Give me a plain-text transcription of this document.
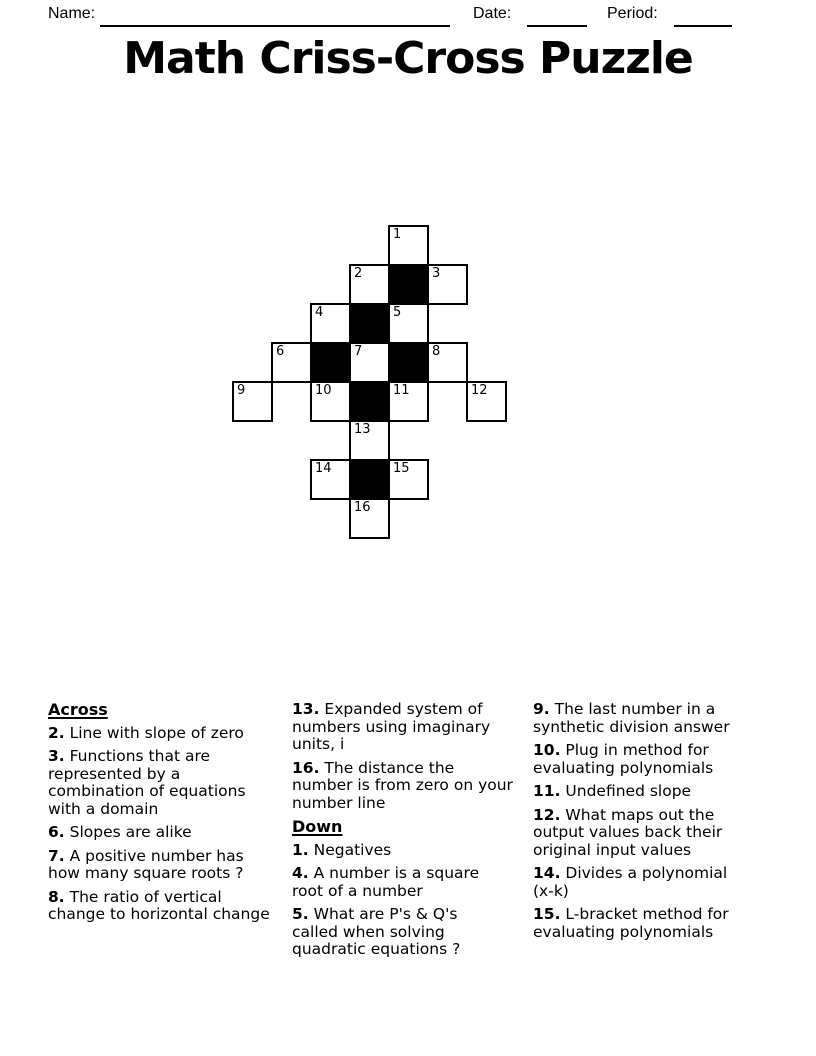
Name:	Date:	Period:
Math Criss-Cross Puzzle
1
2	3
4	5
6	7	8
9	10	11	12
13
14	15
16
Across

2. Line with slope of zero

3. Functions that are
represented by a
combination of equations
with a domain

6. Slopes are alike

7. A positive number has
how many square roots ?

8. The ratio of vertical
change to horizontal change

13. Expanded system of
numbers using imaginary
units, i

16. The distance the
number is from zero on your
number line

Down

1. Negatives

4. A number is a square
root of a number

5. What are P's & Q's
called when solving
quadratic equations ?

9. The last number in a
synthetic division answer

10. Plug in method for
evaluating polynomials

11. Undefined slope

12. What maps out the
output values back their
original input values

14. Divides a polynomial
(x-k)

15. L-bracket method for
evaluating polynomials
